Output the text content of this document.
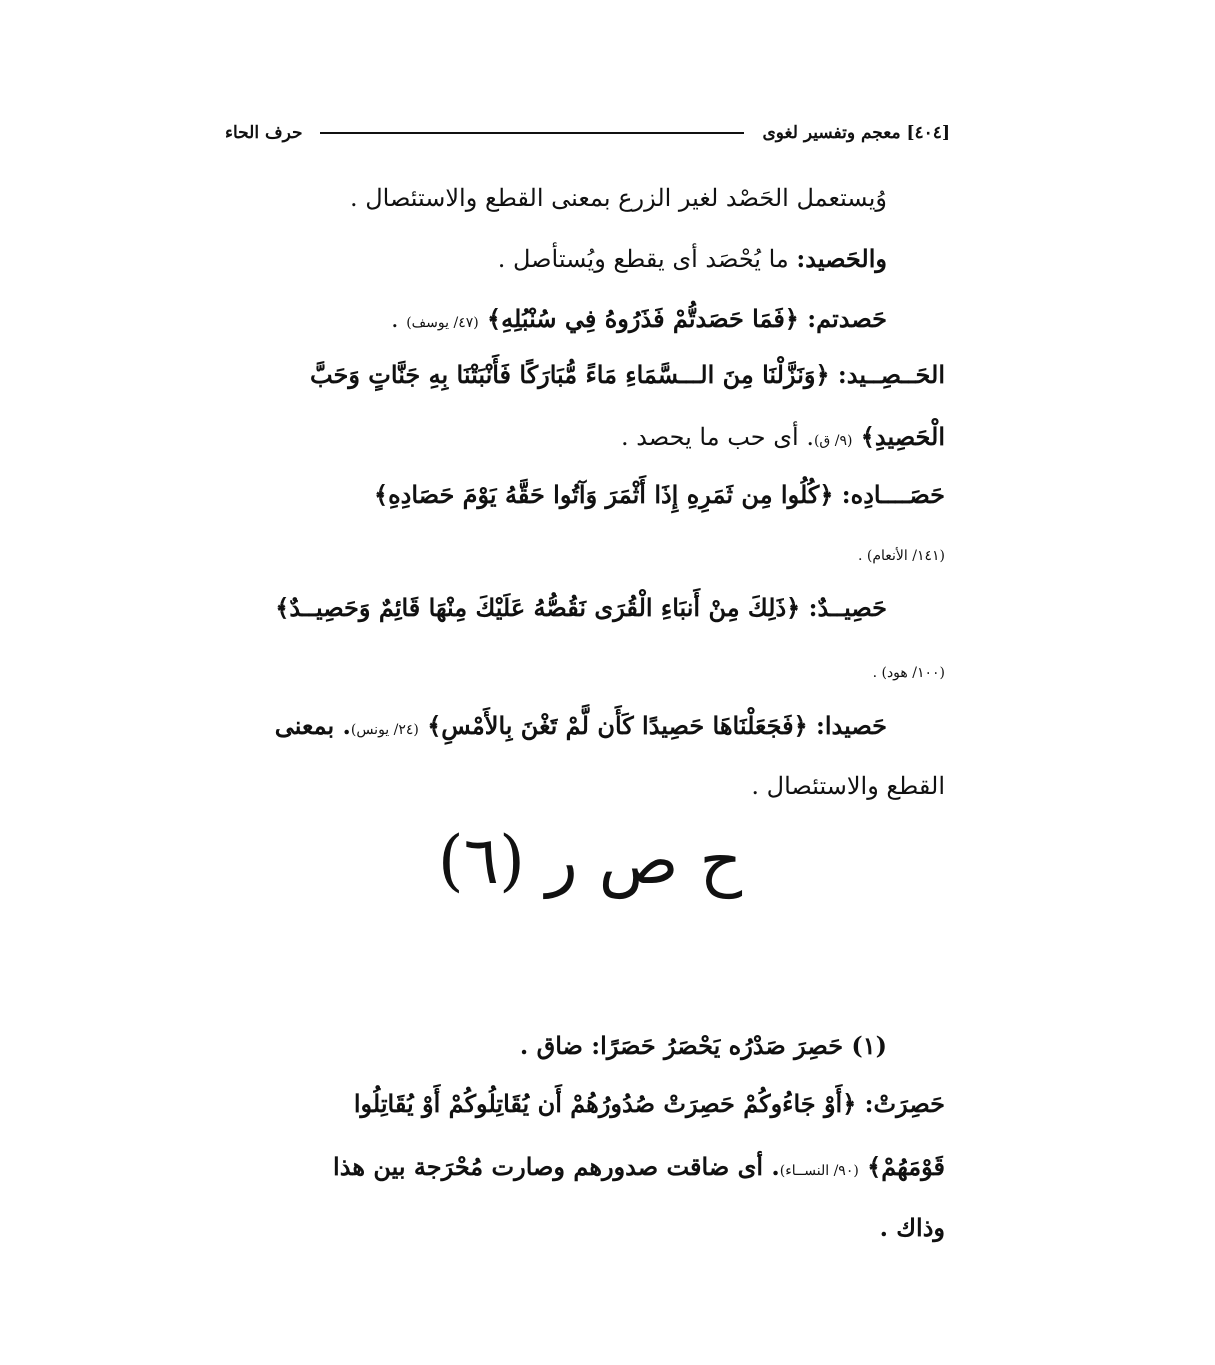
[٤٠٤] معجم وتفسير لغوى
حرف الحاء
وُيستعمل الحَصْد لغير الزرع بمعنى القطع والاستئصال .
والحَصيد: ما يُحْصَد أى يقطع ويُستأصل .
حَصدتم: ﴿فَمَا حَصَدتُّمْ فَذَرُوهُ فِي سُنْبُلِهِ﴾ (٤٧/ يوسف) .
الحَــصِــيد: ﴿وَنَزَّلْنَا مِنَ الـــسَّمَاءِ مَاءً مُّبَارَكًا فَأَنْبَتْنَا بِهِ جَنَّاتٍ وَحَبَّ
الْحَصِيدِ﴾ (٩/ ق). أى حب ما يحصد .
حَصَــــادِه: ﴿كُلُوا مِن ثَمَرِهِ إِذَا أَثْمَرَ وَآتُوا حَقَّهُ يَوْمَ حَصَادِهِ﴾
(١٤١/ الأنعام) .
حَصِيــدٌ: ﴿ذَلِكَ مِنْ أَنبَاءِ الْقُرَى نَقُصُّهُ عَلَيْكَ مِنْهَا قَائِمٌ وَحَصِيــدٌ﴾
(١٠٠/ هود) .
حَصيدا: ﴿فَجَعَلْنَاهَا حَصِيدًا كَأَن لَّمْ تَغْنَ بِالأَمْسِ﴾ (٢٤/ يونس). بمعنى
القطع والاستئصال .
ح ص ر (٦)
(١) حَصِرَ صَدْرُه يَحْصَرُ حَصَرًا: ضاق .
حَصِرَتْ: ﴿أَوْ جَاءُوكُمْ حَصِرَتْ صُدُورُهُمْ أَن يُقَاتِلُوكُمْ أَوْ يُقَاتِلُوا
قَوْمَهُمْ﴾ (٩٠/ النســاء). أى ضاقت صدورهم وصارت مُحْرَجة بين هذا
وذاك .
